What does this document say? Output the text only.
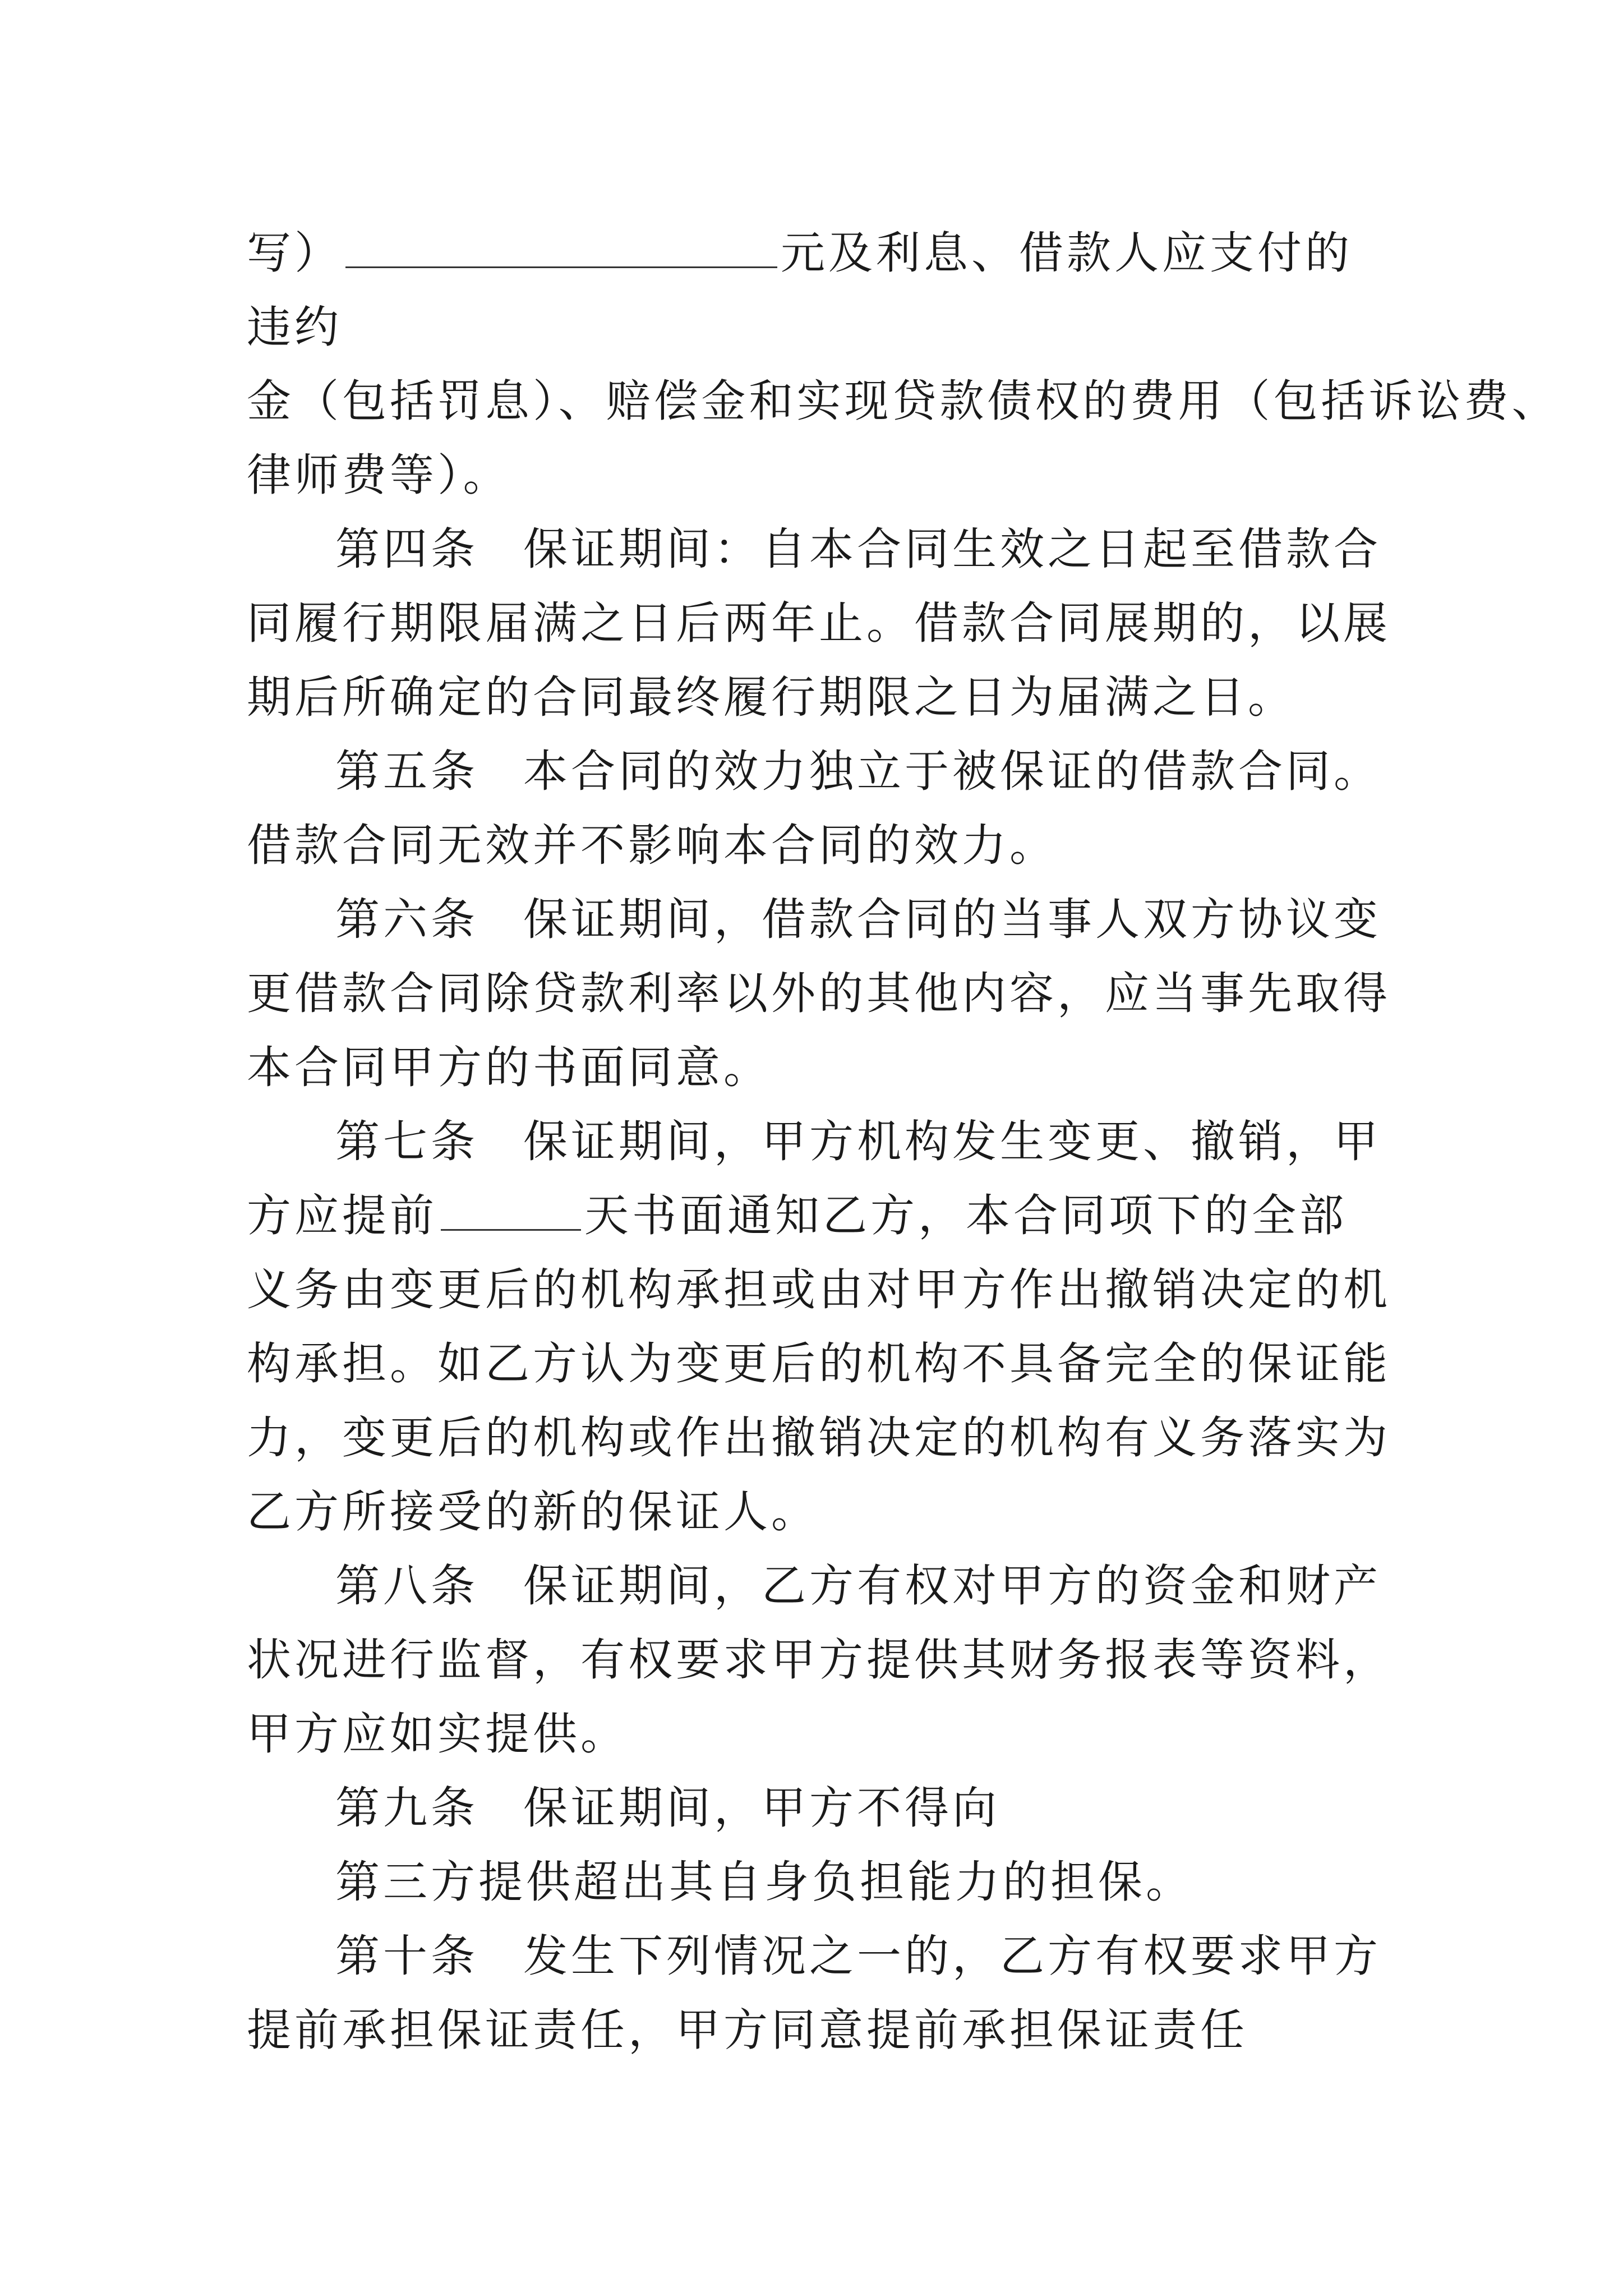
写）	元及利息、借款人应支付的违约
金（包括罚息）、赔偿金和实现贷款债权的费用（包括诉讼费、
律师费等）。

第四条 保证期间：自本合同生效之日起至借款合同履行期限届满之日后两年止。借款合同展期的，以展期后所确定的合同最终履行期限之日为届满之日。

第五条 本合同的效力独立于被保证的借款合同。借款合同无效并不影响本合同的效力。

第六条 保证期间，借款合同的当事人双方协议变更借款合同除贷款利率以外的其他内容，应当事先取得本合同甲方的书面同意。

第七条 保证期间，甲方机构发生变更、撤销，甲方应提前	天书面通知乙方，本合同项下的全部义务由变更后的机构承担或由对甲方作出撤销决定的机构承担。如乙方认为变更后的机构不具备完全的保证能力，变更后的机构或作出撤销决定的机构有义务落实为乙方所接受的新的保证人。

第八条 保证期间，乙方有权对甲方的资金和财产状况进行监督，有权要求甲方提供其财务报表等资料，甲方应如实提供。

第九条 保证期间，甲方不得向

第三方提供超出其自身负担能力的担保。

第十条 发生下列情况之一的，乙方有权要求甲方提前承担保证责任，甲方同意提前承担保证责任
